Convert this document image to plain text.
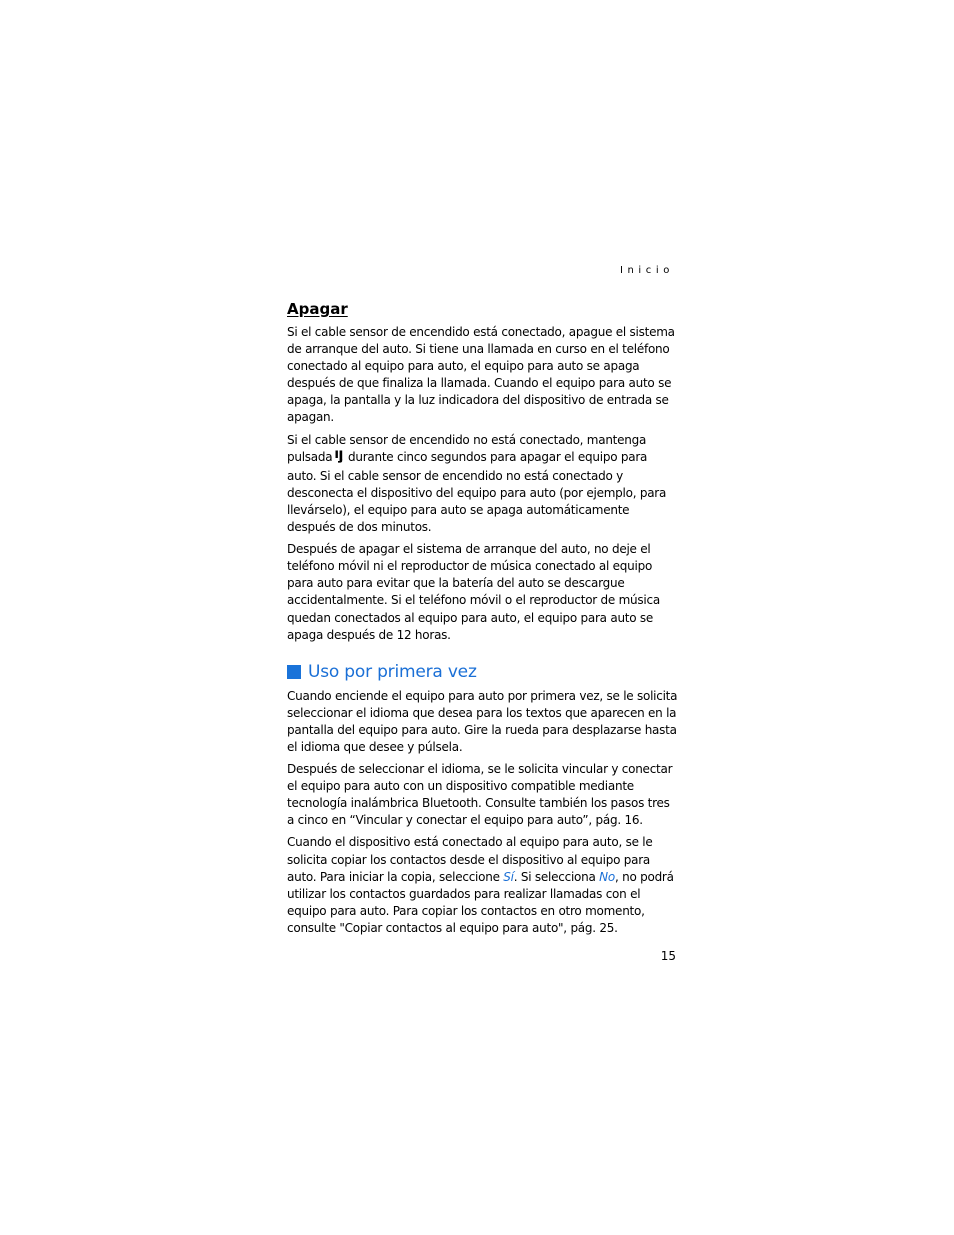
Inicio
Apagar

Si el cable sensor de encendido está conectado, apague el sistema de arranque del auto. Si tiene una llamada en curso en el teléfono conectado al equipo para auto, el equipo para auto se apaga después de que finaliza la llamada. Cuando el equipo para auto se apaga, la pantalla y la luz indicadora del dispositivo de entrada se apagan.

Si el cable sensor de encendido no está conectado, mantenga pulsada durante cinco segundos para apagar el equipo para auto. Si el cable sensor de encendido no está conectado y desconecta el dispositivo del equipo para auto (por ejemplo, para llevárselo), el equipo para auto se apaga automáticamente después de dos minutos.

Después de apagar el sistema de arranque del auto, no deje el teléfono móvil ni el reproductor de música conectado al equipo para auto para evitar que la batería del auto se descargue accidentalmente. Si el teléfono móvil o el reproductor de música quedan conectados al equipo para auto, el equipo para auto se apaga después de 12 horas.

Uso por primera vez

Cuando enciende el equipo para auto por primera vez, se le solicita seleccionar el idioma que desea para los textos que aparecen en la pantalla del equipo para auto. Gire la rueda para desplazarse hasta el idioma que desee y púlsela.

Después de seleccionar el idioma, se le solicita vincular y conectar el equipo para auto con un dispositivo compatible mediante tecnología inalámbrica Bluetooth. Consulte también los pasos tres a cinco en “Vincular y conectar el equipo para auto”, pág. 16.

Cuando el dispositivo está conectado al equipo para auto, se le solicita copiar los contactos desde el dispositivo al equipo para auto. Para iniciar la copia, seleccione Sí. Si selecciona No, no podrá utilizar los contactos guardados para realizar llamadas con el equipo para auto. Para copiar los contactos en otro momento, consulte "Copiar contactos al equipo para auto", pág. 25.

15
